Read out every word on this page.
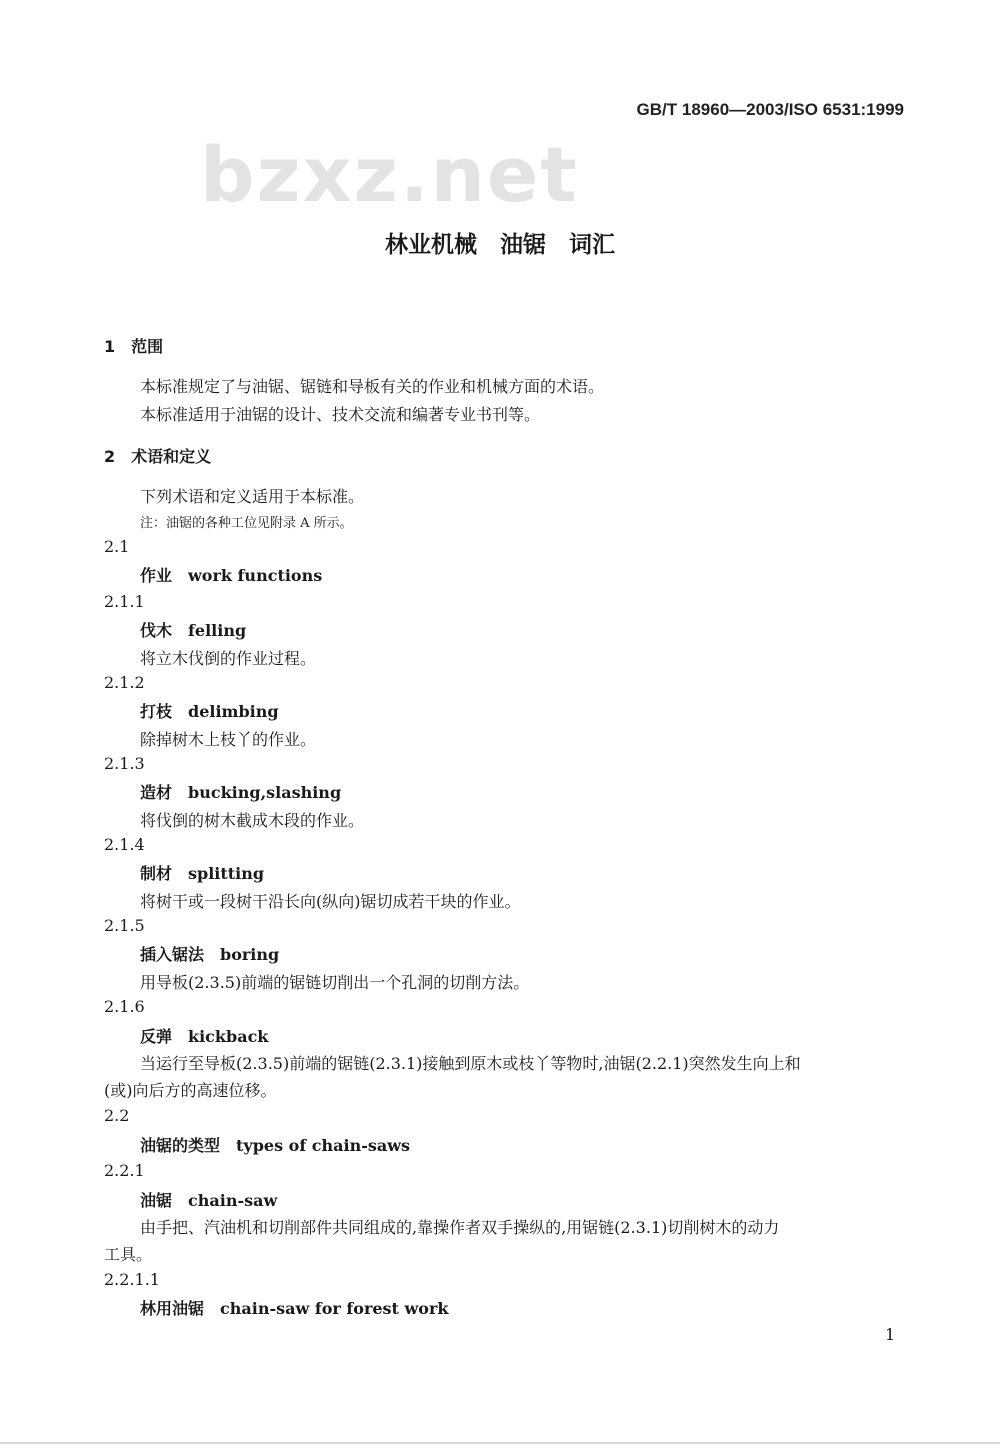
bzxz.net
GB/T 18960—2003/ISO 6531:1999
林业机械　油锯　词汇
1　范围
本标准规定了与油锯、锯链和导板有关的作业和机械方面的术语。
本标准适用于油锯的设计、技术交流和编著专业书刊等。
2　术语和定义
下列术语和定义适用于本标准。
注：油锯的各种工位见附录 A 所示。
2.1
作业 work functions
2.1.1
伐木 felling
将立木伐倒的作业过程。
2.1.2
打枝 delimbing
除掉树木上枝丫的作业。
2.1.3
造材 bucking,slashing
将伐倒的树木截成木段的作业。
2.1.4
制材 splitting
将树干或一段树干沿长向(纵向)锯切成若干块的作业。
2.1.5
插入锯法 boring
用导板(2.3.5)前端的锯链切削出一个孔洞的切削方法。
2.1.6
反弹 kickback
当运行至导板(2.3.5)前端的锯链(2.3.1)接触到原木或枝丫等物时,油锯(2.2.1)突然发生向上和
(或)向后方的高速位移。
2.2
油锯的类型 types of chain-saws
2.2.1
油锯 chain-saw
由手把、汽油机和切削部件共同组成的,靠操作者双手操纵的,用锯链(2.3.1)切削树木的动力
工具。
2.2.1.1
林用油锯 chain-saw for forest work
1
